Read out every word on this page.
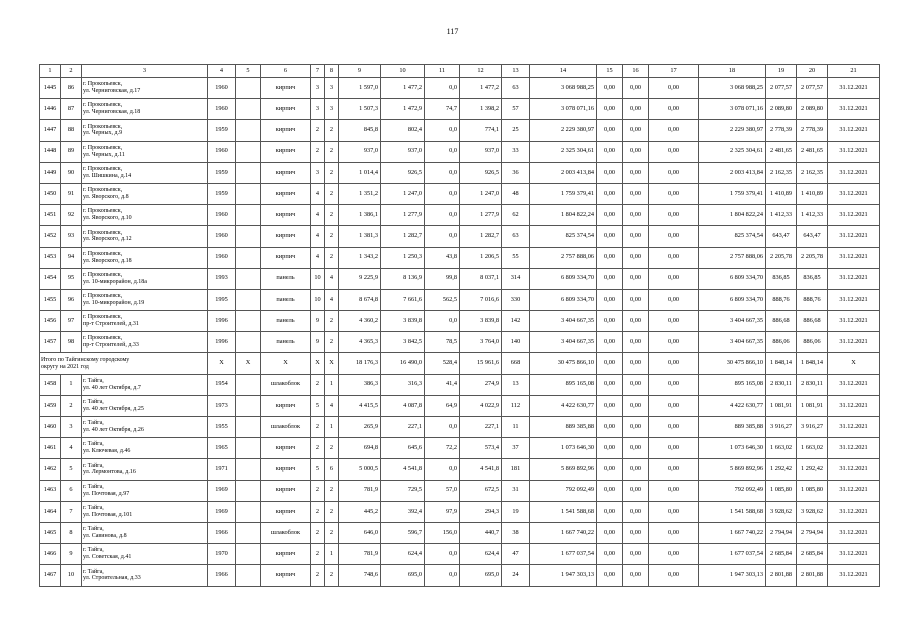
117
1	2	3	4	5	6	7	8	9	10	11	12	13	14	15	16	17	18	19	20	21
1445	86	г. Прокопьевск,
ул. Черниговская, д.17	1960		кирпич	3	3	1 597,0	1 477,2	0,0	1 477,2	63	3 068 988,25	0,00	0,00	0,00	3 068 988,25	2 077,57	2 077,57	31.12.2021
1446	87	г. Прокопьевск,
ул. Черниговская, д.18	1960		кирпич	3	3	1 507,3	1 472,9	74,7	1 398,2	57	3 078 071,16	0,00	0,00	0,00	3 078 071,16	2 089,80	2 089,80	31.12.2021
1447	88	г. Прокопьевск,
ул. Черных, д.9	1959		кирпич	2	2	845,8	802,4	0,0	774,1	25	2 229 380,97	0,00	0,00	0,00	2 229 380,97	2 778,39	2 778,39	31.12.2021
1448	89	г. Прокопьевск,
ул. Черных, д.11	1960		кирпич	2	2	937,0	937,0	0,0	937,0	33	2 325 304,61	0,00	0,00	0,00	2 325 304,61	2 481,65	2 481,65	31.12.2021
1449	90	г. Прокопьевск,
ул. Шишкина, д.14	1959		кирпич	3	2	1 014,4	926,5	0,0	926,5	36	2 003 413,84	0,00	0,00	0,00	2 003 413,84	2 162,35	2 162,35	31.12.2021
1450	91	г. Прокопьевск,
ул. Яворского, д.8	1959		кирпич	4	2	1 351,2	1 247,0	0,0	1 247,0	48	1 759 379,41	0,00	0,00	0,00	1 759 379,41	1 410,89	1 410,89	31.12.2021
1451	92	г. Прокопьевск,
ул. Яворского, д.10	1960		кирпич	4	2	1 386,1	1 277,9	0,0	1 277,9	62	1 804 822,24	0,00	0,00	0,00	1 804 822,24	1 412,33	1 412,33	31.12.2021
1452	93	г. Прокопьевск,
ул. Яворского, д.12	1960		кирпич	4	2	1 381,3	1 282,7	0,0	1 282,7	63	825 374,54	0,00	0,00	0,00	825 374,54	643,47	643,47	31.12.2021
1453	94	г. Прокопьевск,
ул. Яворского, д.18	1960		кирпич	4	2	1 343,2	1 250,3	43,8	1 206,5	55	2 757 888,06	0,00	0,00	0,00	2 757 888,06	2 205,78	2 205,78	31.12.2021
1454	95	г. Прокопьевск,
ул. 10-микрорайон, д.18а	1993		панель	10	4	9 225,9	8 136,9	99,8	8 037,1	314	6 809 334,70	0,00	0,00	0,00	6 809 334,70	836,85	836,85	31.12.2021
1455	96	г. Прокопьевск,
ул. 10-микрорайон, д.19	1995		панель	10	4	8 674,8	7 661,6	562,5	7 016,6	330	6 809 334,70	0,00	0,00	0,00	6 809 334,70	888,76	888,76	31.12.2021
1456	97	г. Прокопьевск,
пр-т Строителей, д.31	1996		панель	9	2	4 360,2	3 839,8	0,0	3 839,8	142	3 404 667,35	0,00	0,00	0,00	3 404 667,35	886,68	886,68	31.12.2021
1457	98	г. Прокопьевск,
пр-т Строителей, д.33	1996		панель	9	2	4 365,3	3 842,5	78,5	3 764,0	140	3 404 667,35	0,00	0,00	0,00	3 404 667,35	886,06	886,06	31.12.2021
Итого по Тайгинскому городскому
округу на 2021 год			X	X	X	X	X	18 176,3	16 490,0	528,4	15 961,6	668	30 475 866,10	0,00	0,00	0,00	30 475 866,10	1 848,14	1 848,14	X
1458	1	г. Тайга,
ул. 40 лет Октября, д.7	1954		шлакоблок	2	1	386,3	316,3	41,4	274,9	13	895 165,08	0,00	0,00	0,00	895 165,08	2 830,11	2 830,11	31.12.2021
1459	2	г. Тайга,
ул. 40 лет Октября, д.25	1973		кирпич	5	4	4 415,5	4 087,8	64,9	4 022,9	112	4 422 630,77	0,00	0,00	0,00	4 422 630,77	1 081,91	1 081,91	31.12.2021
1460	3	г. Тайга,
ул. 40 лет Октября, д.26	1955		шлакоблок	2	1	265,9	227,1	0,0	227,1	11	889 385,88	0,00	0,00	0,00	889 385,88	3 916,27	3 916,27	31.12.2021
1461	4	г. Тайга,
ул. Ключевая, д.46	1965		кирпич	2	2	694,8	645,6	72,2	573,4	37	1 073 646,30	0,00	0,00	0,00	1 073 646,30	1 663,02	1 663,02	31.12.2021
1462	5	г. Тайга,
ул. Лермонтова, д.16	1971		кирпич	5	6	5 000,5	4 541,8	0,0	4 541,8	181	5 869 892,96	0,00	0,00	0,00	5 869 892,96	1 292,42	1 292,42	31.12.2021
1463	6	г. Тайга,
ул. Почтовая, д.97	1969		кирпич	2	2	781,9	729,5	57,0	672,5	31	792 092,49	0,00	0,00	0,00	792 092,49	1 085,80	1 085,80	31.12.2021
1464	7	г. Тайга,
ул. Почтовая, д.101	1969		кирпич	2	2	445,2	392,4	97,9	294,3	19	1 541 588,68	0,00	0,00	0,00	1 541 588,68	3 928,62	3 928,62	31.12.2021
1465	8	г. Тайга,
ул. Савинова, д.8	1966		шлакоблок	2	2	646,0	596,7	156,0	440,7	38	1 667 740,22	0,00	0,00	0,00	1 667 740,22	2 794,94	2 794,94	31.12.2021
1466	9	г. Тайга,
ул. Советская, д.41	1970		кирпич	2	1	781,9	624,4	0,0	624,4	47	1 677 037,54	0,00	0,00	0,00	1 677 037,54	2 685,84	2 685,84	31.12.2021
1467	10	г. Тайга,
ул. Строительная, д.33	1966		кирпич	2	2	748,6	695,0	0,0	695,0	24	1 947 303,13	0,00	0,00	0,00	1 947 303,13	2 801,88	2 801,88	31.12.2021
